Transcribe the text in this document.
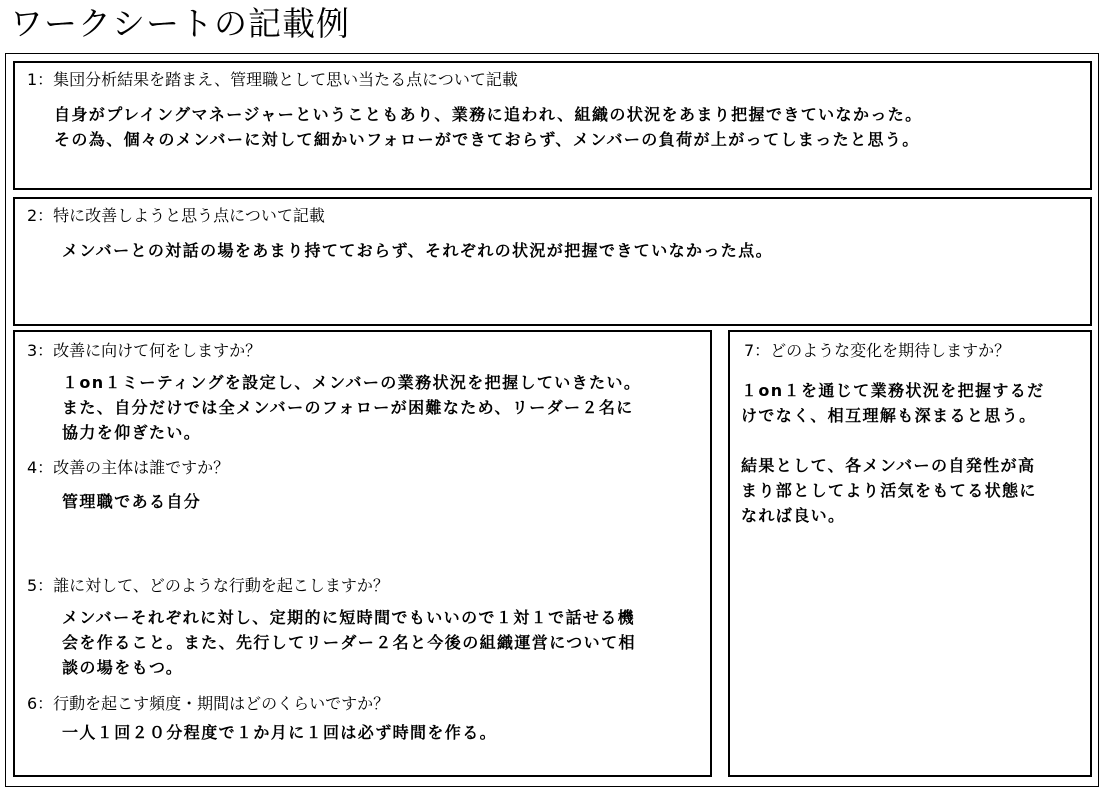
ワークシートの記載例
1：集団分析結果を踏まえ、管理職として思い当たる点について記載
自身がプレイングマネージャーということもあり、業務に追われ、組織の状況をあまり把握できていなかった。
その為、個々のメンバーに対して細かいフォローができておらず、メンバーの負荷が上がってしまったと思う。
2：特に改善しようと思う点について記載
メンバーとの対話の場をあまり持てておらず、それぞれの状況が把握できていなかった点。
3：改善に向けて何をしますか？
１on１ミーティングを設定し、メンバーの業務状況を把握していきたい。
また、自分だけでは全メンバーのフォローが困難なため、リーダー２名に
協力を仰ぎたい。
4：改善の主体は誰ですか？
管理職である自分
5：誰に対して、どのような行動を起こしますか？
メンバーそれぞれに対し、定期的に短時間でもいいので１対１で話せる機
会を作ること。また、先行してリーダー２名と今後の組織運営について相
談の場をもつ。
6：行動を起こす頻度・期間はどのくらいですか？
一人１回２０分程度で１か月に１回は必ず時間を作る。
7：どのような変化を期待しますか？
１on１を通じて業務状況を把握するだ
けでなく、相互理解も深まると思う。
結果として、各メンバーの自発性が高
まり部としてより活気をもてる状態に
なれば良い。
